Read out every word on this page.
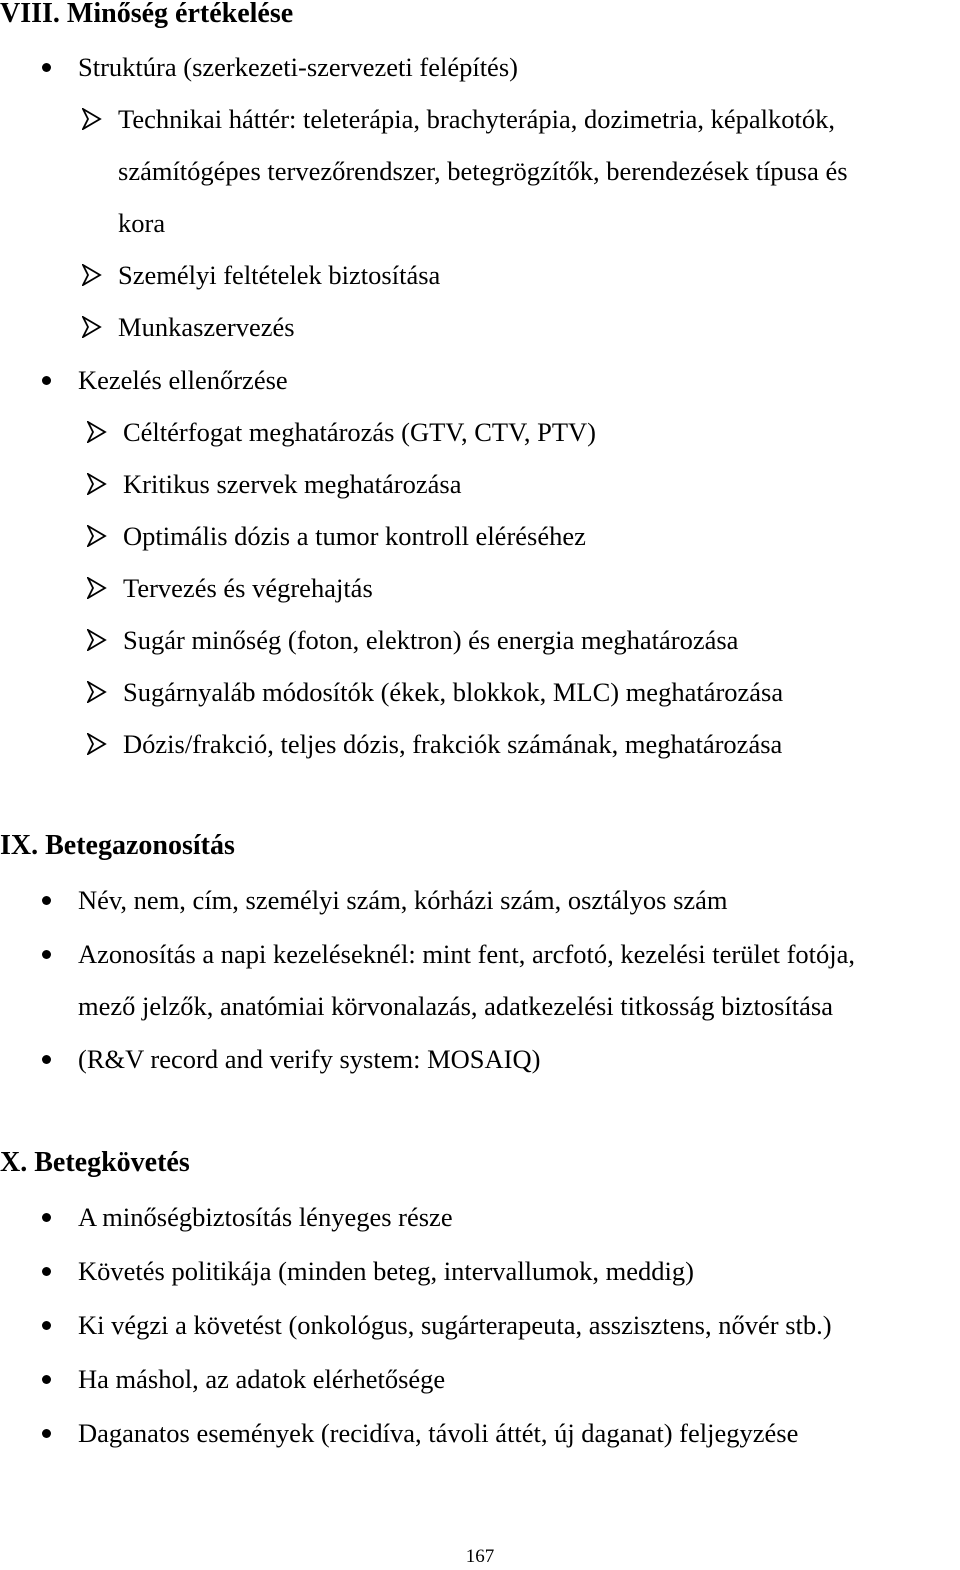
VIII. Minőség értékelése
Struktúra (szerkezeti-szervezeti felépítés)
Technikai háttér: teleterápia, brachyterápia, dozimetria, képalkotók,
számítógépes tervezőrendszer, betegrögzítők, berendezések típusa és
kora
Személyi feltételek biztosítása
Munkaszervezés
Kezelés ellenőrzése
Céltérfogat meghatározás (GTV, CTV, PTV)
Kritikus szervek meghatározása
Optimális dózis a tumor kontroll eléréséhez
Tervezés és végrehajtás
Sugár minőség (foton, elektron) és energia meghatározása
Sugárnyaláb módosítók (ékek, blokkok, MLC) meghatározása
Dózis/frakció, teljes dózis, frakciók számának, meghatározása
IX. Betegazonosítás
Név, nem, cím, személyi szám, kórházi szám, osztályos szám
Azonosítás a napi kezeléseknél: mint fent, arcfotó, kezelési terület fotója,
mező jelzők, anatómiai körvonalazás, adatkezelési titkosság biztosítása
(R&V record and verify system: MOSAIQ)
X. Betegkövetés
A minőségbiztosítás lényeges része
Követés politikája (minden beteg, intervallumok, meddig)
Ki végzi a követést (onkológus, sugárterapeuta, asszisztens, nővér stb.)
Ha máshol, az adatok elérhetősége
Daganatos események (recidíva, távoli áttét, új daganat) feljegyzése
167
